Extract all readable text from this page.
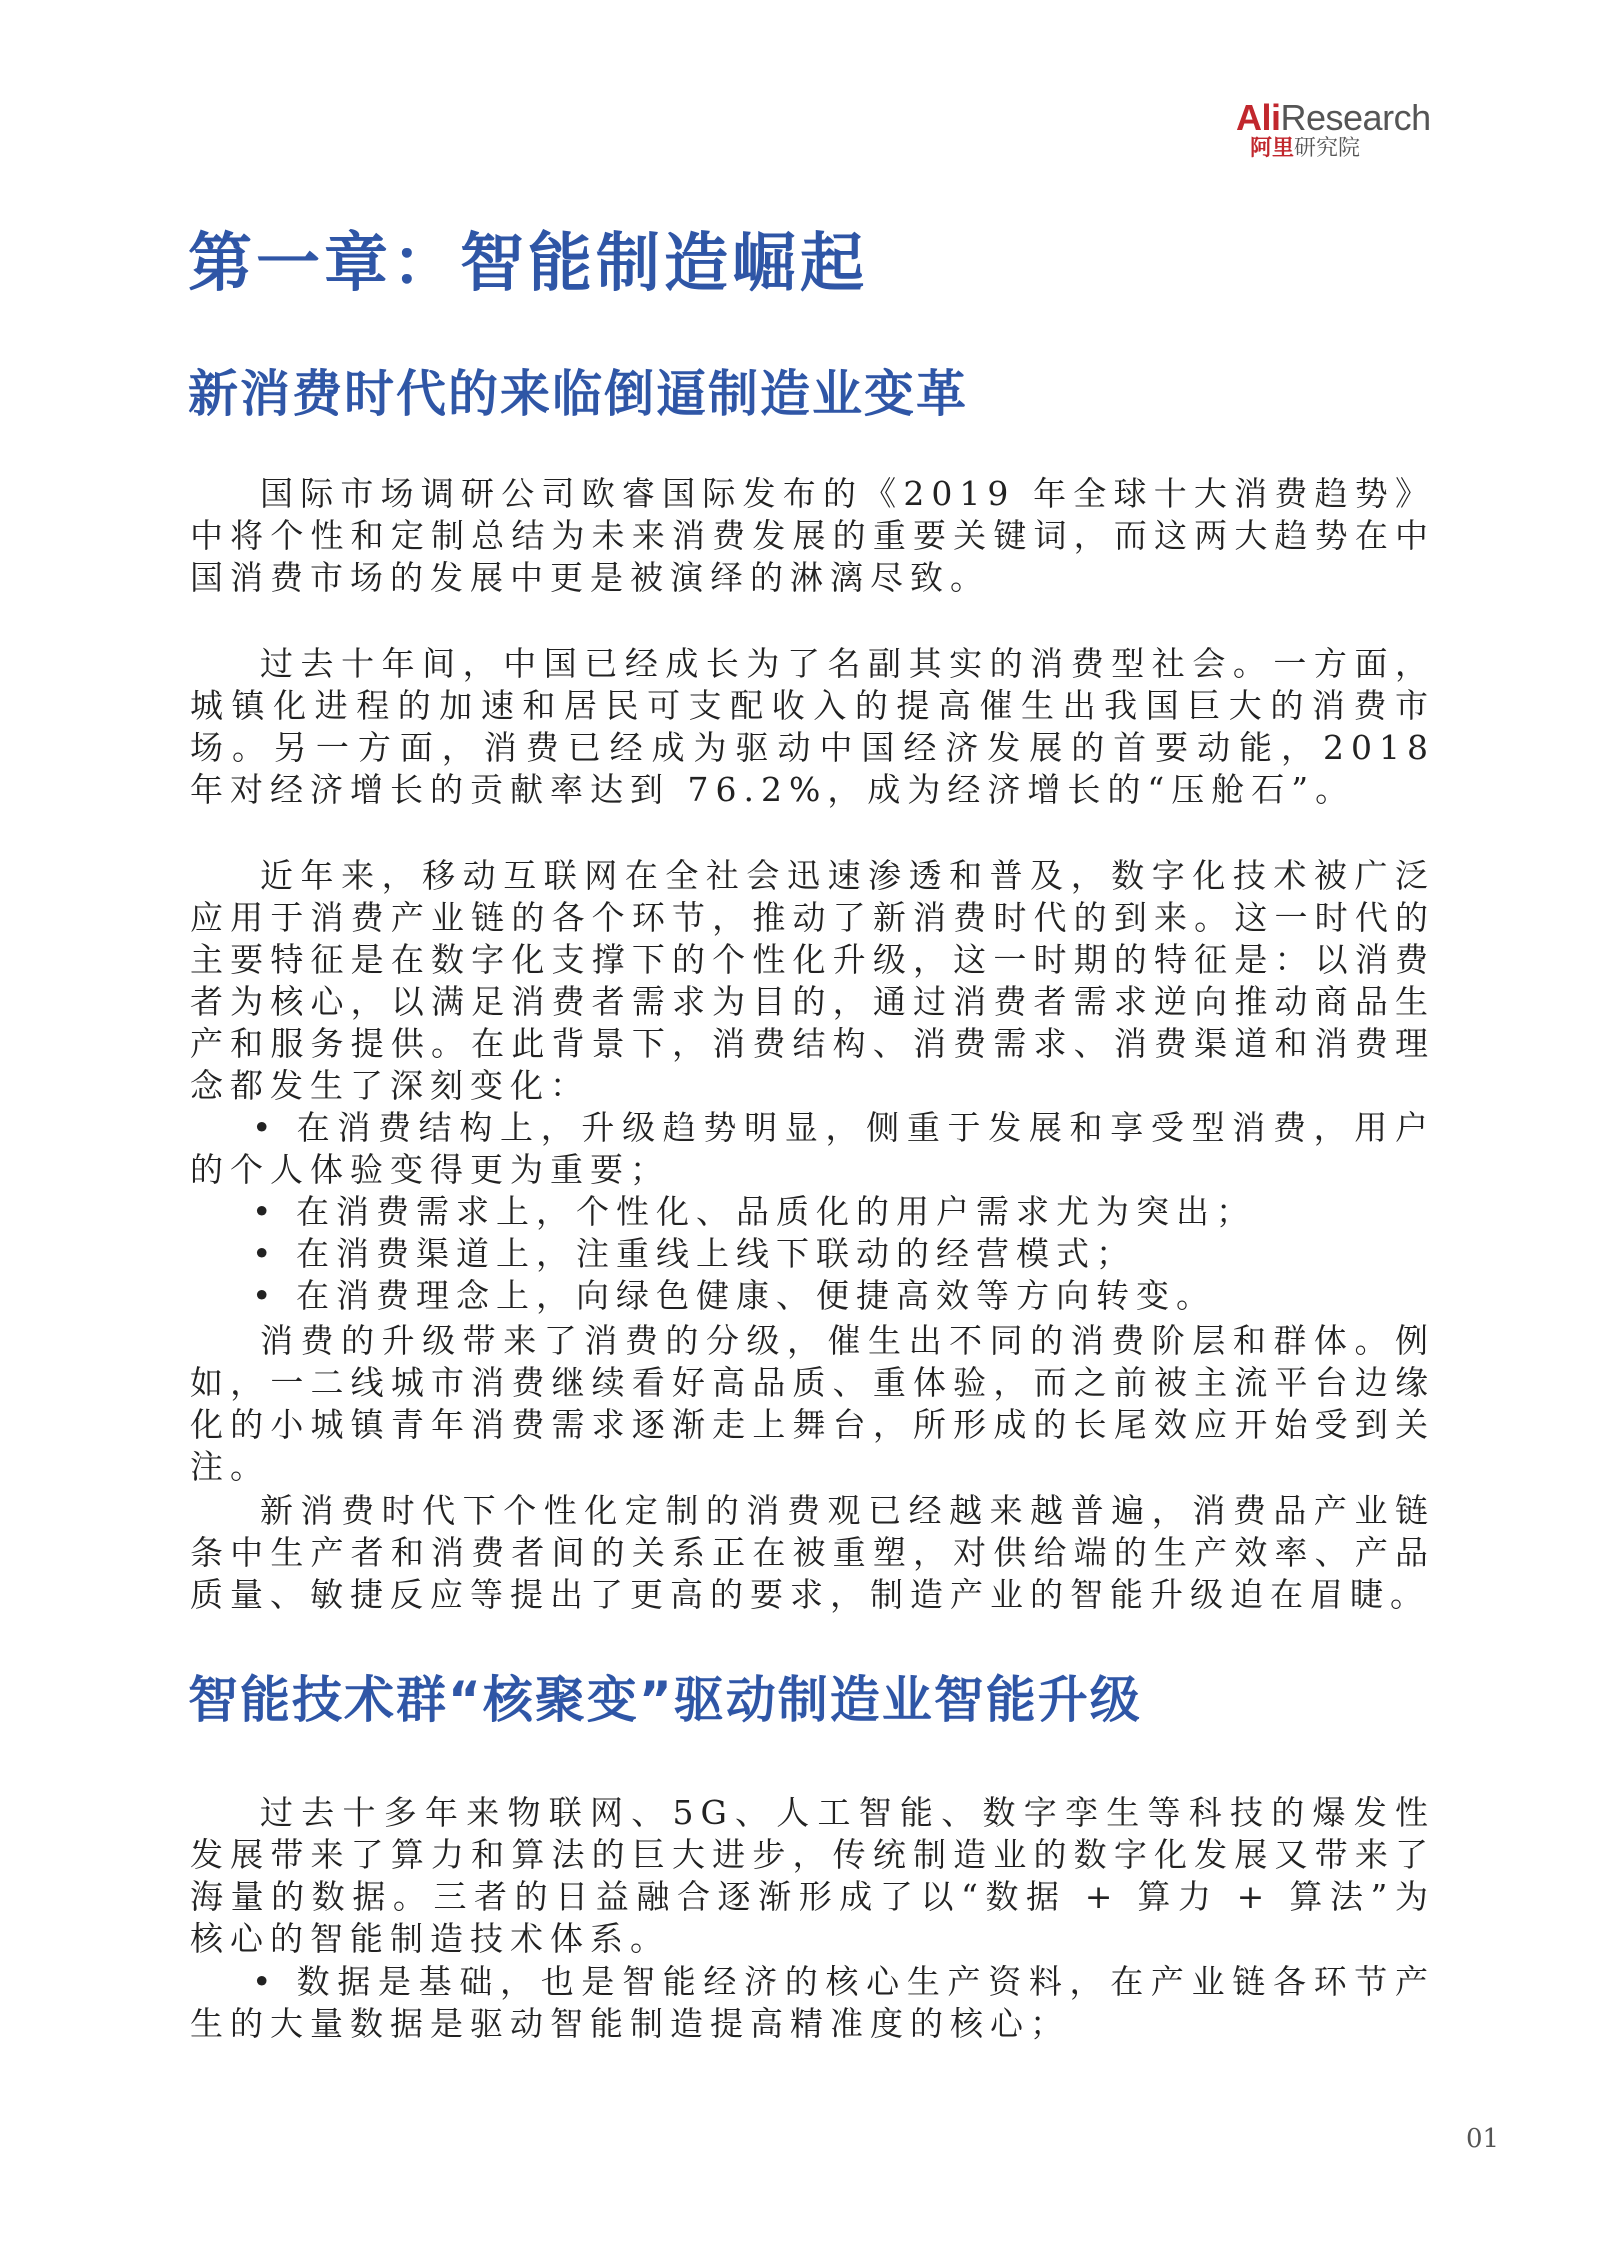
AliResearch
阿里研究院
第一章：智能制造崛起
新消费时代的来临倒逼制造业变革
国际市场调研公司欧睿国际发布的《2019 年全球十大消费趋势》中将个性和定制总结为未来消费发展的重要关键词，而这两大趋势在中国消费市场的发展中更是被演绎的淋漓尽致。
过去十年间，中国已经成长为了名副其实的消费型社会。一方面，城镇化进程的加速和居民可支配收入的提高催生出我国巨大的消费市场。另一方面，消费已经成为驱动中国经济发展的首要动能，2018 年对经济增长的贡献率达到 76.2%，成为经济增长的“压舱石”。
近年来，移动互联网在全社会迅速渗透和普及，数字化技术被广泛应用于消费产业链的各个环节，推动了新消费时代的到来。这一时代的主要特征是在数字化支撑下的个性化升级，这一时期的特征是：以消费者为核心，以满足消费者需求为目的，通过消费者需求逆向推动商品生产和服务提供。在此背景下，消费结构、消费需求、消费渠道和消费理念都发生了深刻变化：
• 在消费结构上，升级趋势明显，侧重于发展和享受型消费，用户的个人体验变得更为重要；
• 在消费需求上，个性化、品质化的用户需求尤为突出；
• 在消费渠道上，注重线上线下联动的经营模式；
• 在消费理念上，向绿色健康、便捷高效等方向转变。
消费的升级带来了消费的分级，催生出不同的消费阶层和群体。例如，一二线城市消费继续看好高品质、重体验，而之前被主流平台边缘化的小城镇青年消费需求逐渐走上舞台，所形成的长尾效应开始受到关注。
新消费时代下个性化定制的消费观已经越来越普遍，消费品产业链条中生产者和消费者间的关系正在被重塑，对供给端的生产效率、产品质量、敏捷反应等提出了更高的要求，制造产业的智能升级迫在眉睫。
智能技术群“核聚变”驱动制造业智能升级
过去十多年来物联网、5G、人工智能、数字孪生等科技的爆发性发展带来了算力和算法的巨大进步，传统制造业的数字化发展又带来了海量的数据。三者的日益融合逐渐形成了以“数据 + 算力 + 算法”为核心的智能制造技术体系。
• 数据是基础，也是智能经济的核心生产资料，在产业链各环节产生的大量数据是驱动智能制造提高精准度的核心；
01
